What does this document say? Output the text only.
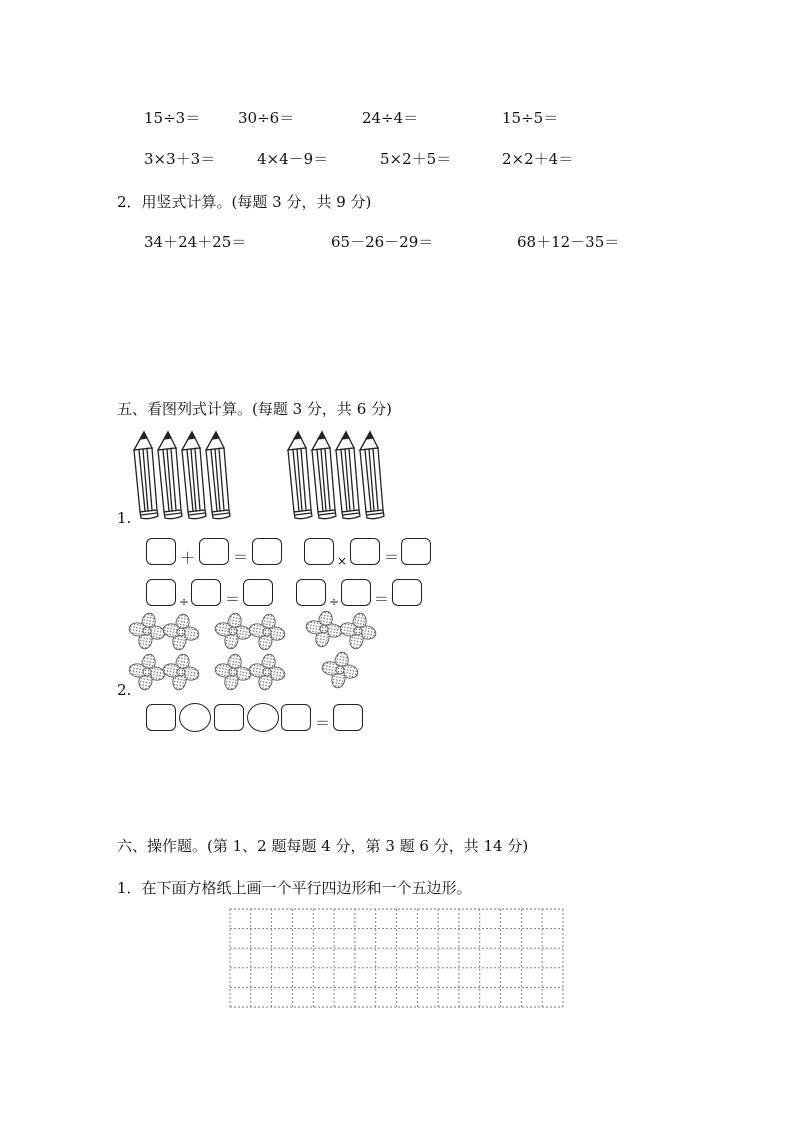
15÷3＝	30÷6＝	24÷4＝	15÷5＝
3×3＋3＝	4×4－9＝	5×2＋5＝	2×2＋4＝
2．用竖式计算。(每题 3 分，共 9 分)
34＋24＋25＝	65－26－29＝	68＋12－35＝
五、看图列式计算。(每题 3 分，共 6 分)
1.
＋	＝	× ＝
÷ ＝	÷ ＝
2.
＝
六、操作题。(第 1、2 题每题 4 分，第 3 题 6 分，共 14 分)
1．在下面方格纸上画一个平行四边形和一个五边形。
